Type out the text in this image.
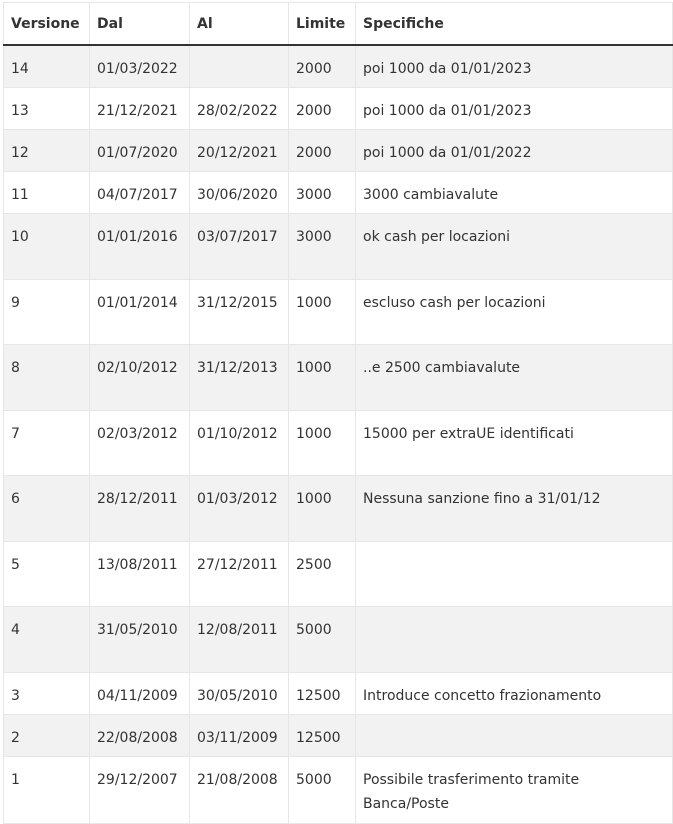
Versione	Dal	Al	Limite	Specifiche
14	01/03/2022		2000	poi 1000 da 01/01/2023
13	21/12/2021	28/02/2022	2000	poi 1000 da 01/01/2023
12	01/07/2020	20/12/2021	2000	poi 1000 da 01/01/2022
11	04/07/2017	30/06/2020	3000	3000 cambiavalute
10	01/01/2016	03/07/2017	3000	ok cash per locazioni
9	01/01/2014	31/12/2015	1000	escluso cash per locazioni
8	02/10/2012	31/12/2013	1000	..e 2500 cambiavalute
7	02/03/2012	01/10/2012	1000	15000 per extraUE identificati
6	28/12/2011	01/03/2012	1000	Nessuna sanzione fino a 31/01/12
5	13/08/2011	27/12/2011	2500	
4	31/05/2010	12/08/2011	5000	
3	04/11/2009	30/05/2010	12500	Introduce concetto frazionamento
2	22/08/2008	03/11/2009	12500	
1	29/12/2007	21/08/2008	5000	Possibile trasferimento tramite Banca/Poste
